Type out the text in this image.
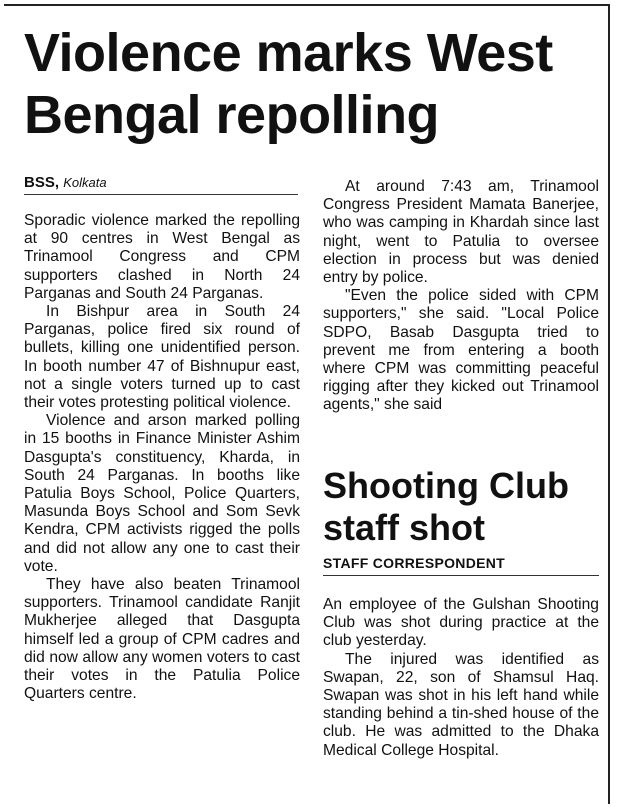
Violence marks West Bengal repolling
BSS, Kolkata

Sporadic violence marked the repolling at 90 centres in West Bengal as Trinamool Congress and CPM supporters clashed in North 24 Parganas and South 24 Parganas.

In Bishpur area in South 24 Parganas, police fired six round of bullets, killing one unidentified person. In booth number 47 of Bishnupur east, not a single voters turned up to cast their votes protesting political violence.

Violence and arson marked polling in 15 booths in Finance Minister Ashim Dasgupta's constituency, Kharda, in South 24 Parganas. In booths like Patulia Boys School, Police Quarters, Masunda Boys School and Som Sevk Kendra, CPM activists rigged the polls and did not allow any one to cast their vote.

They have also beaten Trinamool supporters. Trinamool candidate Ranjit Mukherjee alleged that Dasgupta himself led a group of CPM cadres and did now allow any women voters to cast their votes in the Patulia Police Quarters centre.

At around 7:43 am, Trinamool Congress President Mamata Banerjee, who was camping in Khardah since last night, went to Patulia to oversee election in process but was denied entry by police.

"Even the police sided with CPM supporters," she said. "Local Police SDPO, Basab Dasgupta tried to prevent me from entering a booth where CPM was committing peaceful rigging after they kicked out Trinamool agents," she said

Shooting Club staff shot
STAFF CORRESPONDENT

An employee of the Gulshan Shooting Club was shot during practice at the club yesterday.

The injured was identified as Swapan, 22, son of Shamsul Haq. Swapan was shot in his left hand while standing behind a tin-shed house of the club. He was admitted to the Dhaka Medical College Hospital.
